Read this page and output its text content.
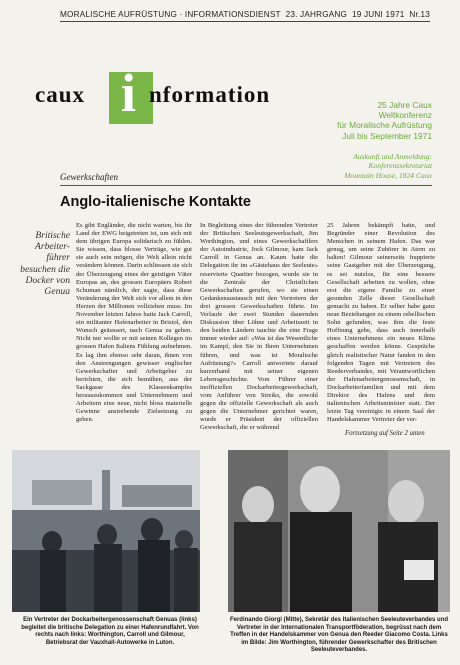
MORALISCHE AUFRÜSTUNG · INFORMATIONSDIENST 23. JAHRGANG 19 JUNI 1971 Nr.13
i
caux	nformation	25 Jahre Caux
Weltkonferenz
für Moralische Aufrüstung
Juli bis September 1971
Auskunft und Anmeldung:
Konferenzsekretariat
Mountain House, 1824 Caux
Gewerkschaften
Anglo-italienische Kontakte
Britische Arbeiter-führer besuchen die Docker von Genua

Es gibt Engländer, die nicht warten, bis ihr Land der EWG beigetreten ist, um sich mit dem übrigen Europa solidarisch zu fühlen. Sie wissen, dass blosse Verträge, wie gut sie auch sein mögen, die Welt allein nicht verändern können. Darin schliessen sie sich der Überzeugung eines der geistigen Väter Europas an, des grossen Europäers Robert Schuman nämlich, der sagte, dass diese Veränderung der Welt sich vor allem in den Herzen der Millionen vollziehen muss. Im November letzten Jahres hatte Jack Carroll, ein militanter Hafenarbeiter in Bristol, den Wunsch geäussert, nach Genua zu gehen. Nicht nur wollte er mit seinen Kollegen im grossen Hafen Italiens Fühlung aufnehmen. Es lag ihm ebenso sehr daran, ihnen von den Anstrengungen gewisser englischer Gewerkschafter und Arbeitgeber zu berichten, die sich bemühen, aus der Sackgasse des Klassenkampfes herauszukommen und Unternehmern und Arbeitern eine neue, nicht bloss materielle Gewinne anstrebende Zielsetzung zu geben.

In Begleitung eines der führenden Vertreter der Britischen Seeleutegewerkschaft, Jim Worthington, und eines Gewerkschaftlers der Autoindustrie, Jock Gilmour, kam Jack Carroll in Genua an. Kaum hatte die Delegation ihr im «Gästehaus der Seeleute» reservierte Quartier bezogen, wurde sie in die Zentrale der Christlichen Gewerkschaften gerufen, wo sie einen Gedankenaustausch mit den Vertretern der drei grossen Gewerkschaften führte. Im Verlaufe der zwei Stunden dauernden Diskussion über Löhne und Arbeitszeit in den beiden Ländern tauchte die eine Frage immer wieder auf: «Was ist das Wesentliche im Kampf, den Sie in Ihren Unternehmen führen, und was ist Moralische Aufrüstung?» Carroll antwortete darauf kurzerhand mit seiner eigenen Lebensgeschichte. Vom Führer einer inoffiziellen Dockarbeitergewerkschaft, vom Anführer von Streiks, die sowohl gegen die offizielle Gewerkschaft als auch gegen die Unternehmer gerichtet waren, wurde er Präsident der offiziellen Gewerkschaft, die er während

25 Jahren bekämpft hatte, und Begründer einer Revolution des Menschen in seinem Hafen. Das war genug, um seine Zuhörer in Atem zu halten! Gilmour seinerseits frappierte seine Gastgeber mit der Überzeugung, es sei nutzlos, für eine bessere Gesellschaft arbeiten zu wollen, ohne erst die eigene Familie zu einer gesunden Zelle dieser Gesellschaft gemacht zu haben. Er selber habe ganz neue Beziehungen zu einem rebellischen Sohn gefunden, was ihm die feste Hoffnung gebe, dass auch innerhalb eines Unternehmens ein neues Klima geschaffen werden könne. Gespräche gleich realistischer Natur fanden in den folgenden Tagen mit Vertretern des Reederverbandes, mit Verantwortlichen der Hafenarbeitergenossenschaft, in Dockarbeiterfamilien und mit dem Direktor des Hafens und dem italienischen Arbeitsminister statt. Der letzte Tag vereinigte in einem Saal der Handelskammer Vertreter der ver-

Fortsetzung auf Seite 2 unten
Ein Vertreter der Dockarbeitergenossenschaft Genuas (links) begleitet die britische Delegation zu einer Hafenrundfahrt. Von rechts nach links: Worthington, Carroll und Gilmour, Betriebsrat der Vauxhall-Autowerke in Luton.
Ferdinando Giorgi (Mitte), Sekretär des Italienischen Seeleuteverbandes und Vertreter in der Internationalen Transportföderation, begrüsst nach dem Treffen in der Handelskammer von Genua den Reeder Giacomo Costa. Links im Bilde: Jim Worthington, führender Gewerkschafter des Britischen Seeleuteverbandes.
